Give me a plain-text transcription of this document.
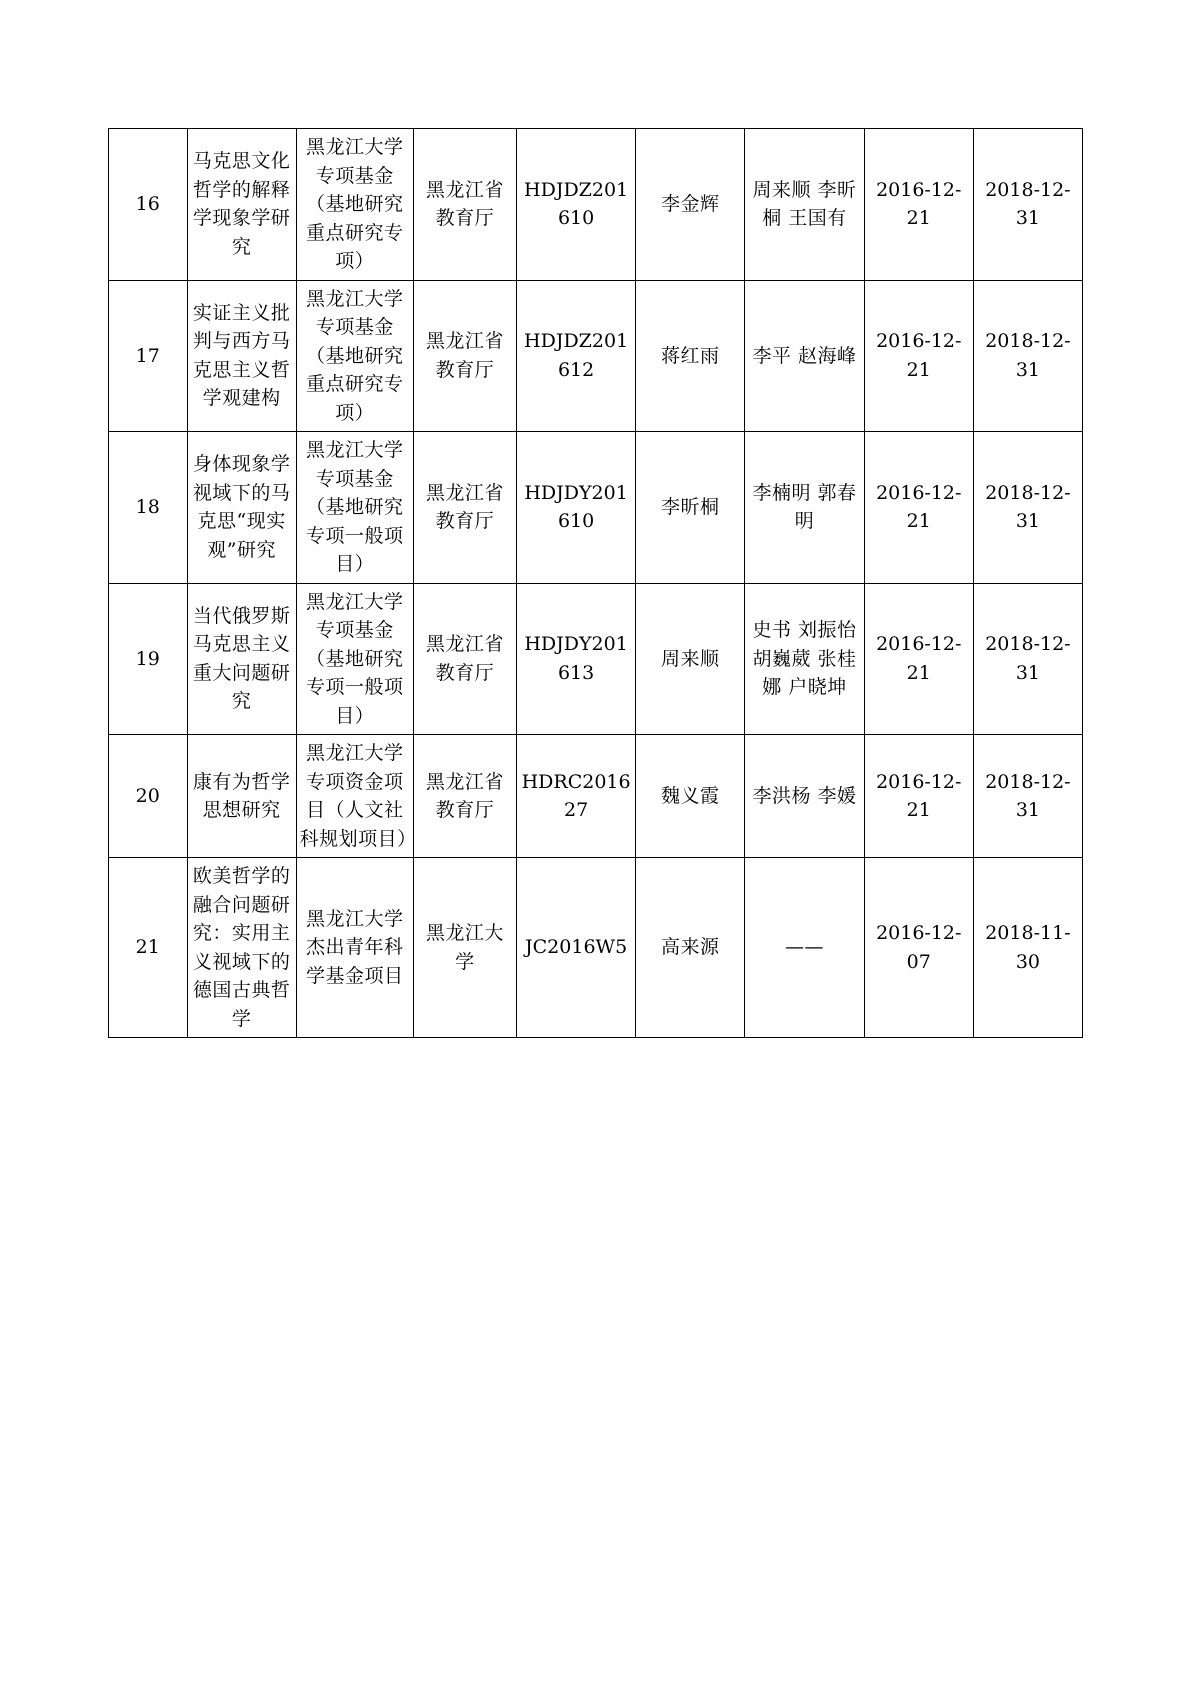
16	马克思文化哲学的解释学现象学研究	黑龙江大学专项基金（基地研究重点研究专项）	黑龙江省教育厅	HDJDZ201610	李金辉	周来顺 李昕桐 王国有	2016-12-21	2018-12-31
17	实证主义批判与西方马克思主义哲学观建构	黑龙江大学专项基金（基地研究重点研究专项）	黑龙江省教育厅	HDJDZ201612	蒋红雨	李平 赵海峰	2016-12-21	2018-12-31
18	身体现象学视域下的马克思“现实观”研究	黑龙江大学专项基金（基地研究专项一般项目）	黑龙江省教育厅	HDJDY201610	李昕桐	李楠明 郭春明	2016-12-21	2018-12-31
19	当代俄罗斯马克思主义重大问题研究	黑龙江大学专项基金（基地研究专项一般项目）	黑龙江省教育厅	HDJDY201613	周来顺	史书 刘振怡 胡巍葳 张桂娜 户晓坤	2016-12-21	2018-12-31
20	康有为哲学思想研究	黑龙江大学专项资金项目（人文社科规划项目）	黑龙江省教育厅	HDRC201627	魏义霞	李洪杨 李媛	2016-12-21	2018-12-31
21	欧美哲学的融合问题研究：实用主义视域下的德国古典哲学	黑龙江大学杰出青年科学基金项目	黑龙江大学	JC2016W5	高来源	——	2016-12-07	2018-11-30
